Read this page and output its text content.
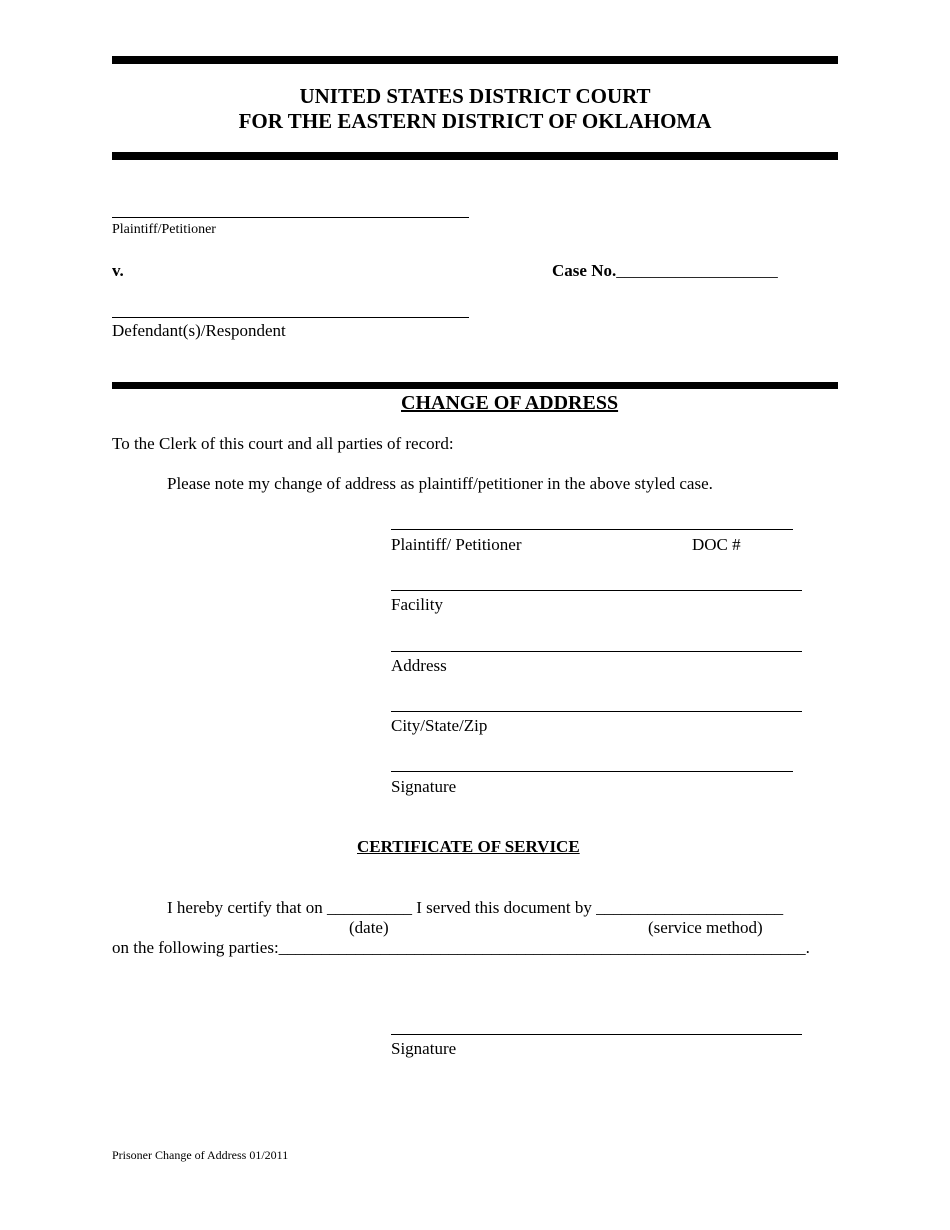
UNITED STATES DISTRICT COURT
FOR THE EASTERN DISTRICT OF OKLAHOMA
Plaintiff/Petitioner
v.	Case No.___________________
Defendant(s)/Respondent
CHANGE OF ADDRESS
To the Clerk of this court and all parties of record:
Please note my change of address as plaintiff/petitioner in the above styled case.
Plaintiff/ Petitioner	DOC #
Facility
Address
City/State/Zip
Signature
CERTIFICATE OF SERVICE
I hereby certify that on __________ I served this document by ______________________
(date)	(service method)
on the following parties:______________________________________________________________.
Signature
Prisoner Change of Address 01/2011
